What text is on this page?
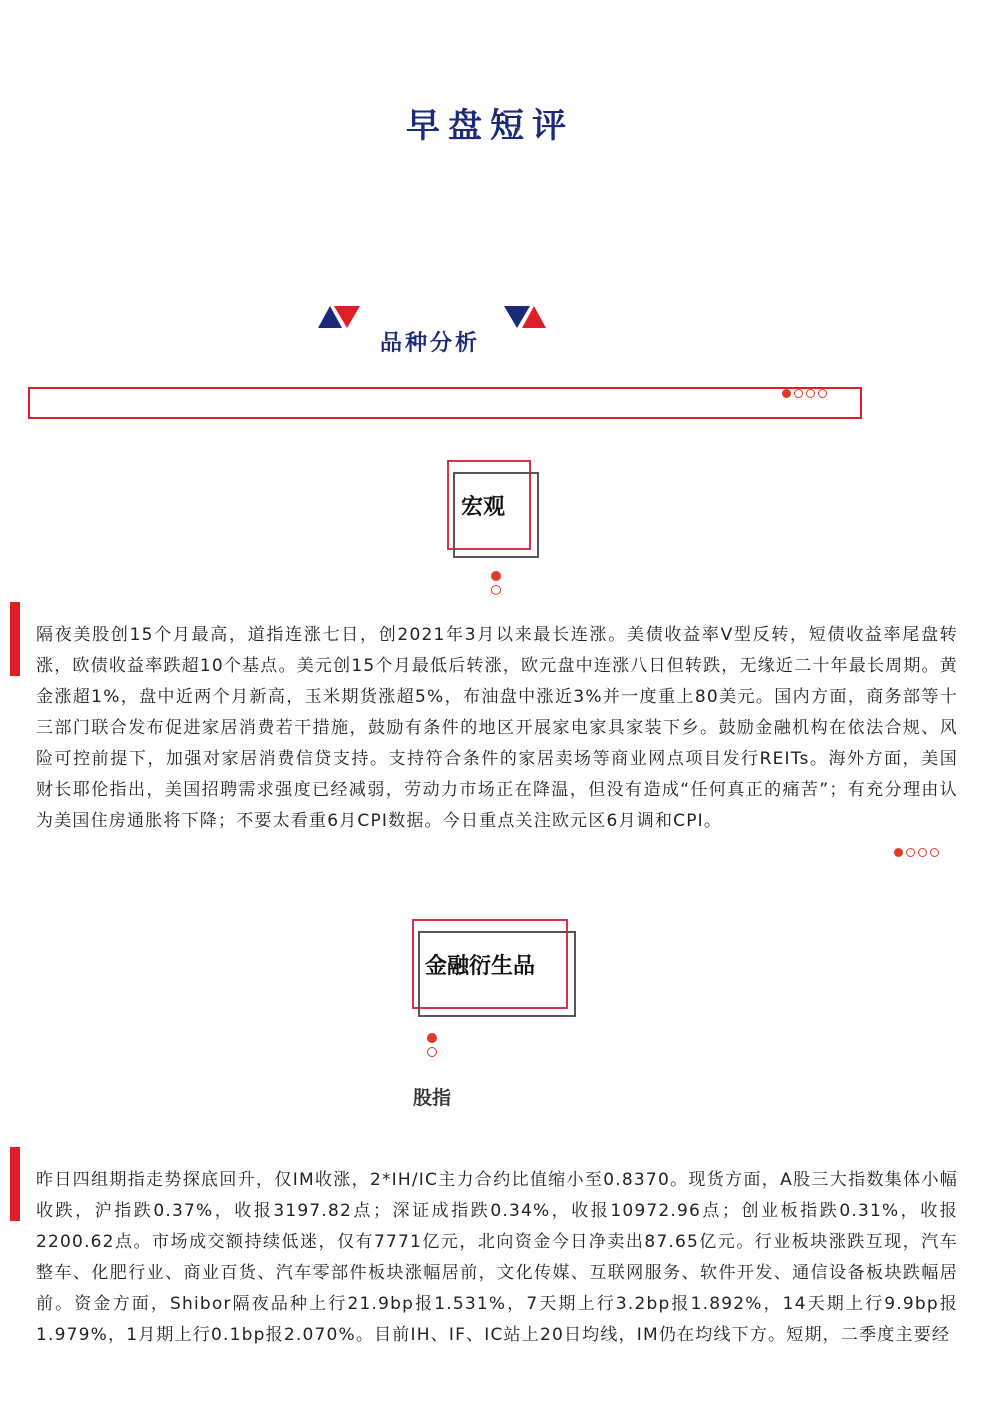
早盘短评
品种分析
宏观
隔夜美股创15个月最高，道指连涨七日，创2021年3月以来最长连涨。美债收益率V型反转，短债收益率尾盘转涨，欧债收益率跌超10个基点。美元创15个月最低后转涨，欧元盘中连涨八日但转跌，无缘近二十年最长周期。黄金涨超1%，盘中近两个月新高，玉米期货涨超5%，布油盘中涨近3%并一度重上80美元。国内方面，商务部等十三部门联合发布促进家居消费若干措施，鼓励有条件的地区开展家电家具家装下乡。鼓励金融机构在依法合规、风险可控前提下，加强对家居消费信贷支持。支持符合条件的家居卖场等商业网点项目发行REITs。海外方面，美国财长耶伦指出，美国招聘需求强度已经减弱，劳动力市场正在降温，但没有造成“任何真正的痛苦”；有充分理由认为美国住房通胀将下降；不要太看重6月CPI数据。今日重点关注欧元区6月调和CPI。
金融衍生品
股指
昨日四组期指走势探底回升，仅IM收涨，2*IH/IC主力合约比值缩小至0.8370。现货方面，A股三大指数集体小幅收跌，沪指跌0.37%，收报3197.82点；深证成指跌0.34%，收报10972.96点；创业板指跌0.31%，收报2200.62点。市场成交额持续低迷，仅有7771亿元，北向资金今日净卖出87.65亿元。行业板块涨跌互现，汽车整车、化肥行业、商业百货、汽车零部件板块涨幅居前，文化传媒、互联网服务、软件开发、通信设备板块跌幅居前。资金方面，Shibor隔夜品种上行21.9bp报1.531%，7天期上行3.2bp报1.892%，14天期上行9.9bp报1.979%，1月期上行0.1bp报2.070%。目前IH、IF、IC站上20日均线，IM仍在均线下方。短期，二季度主要经
